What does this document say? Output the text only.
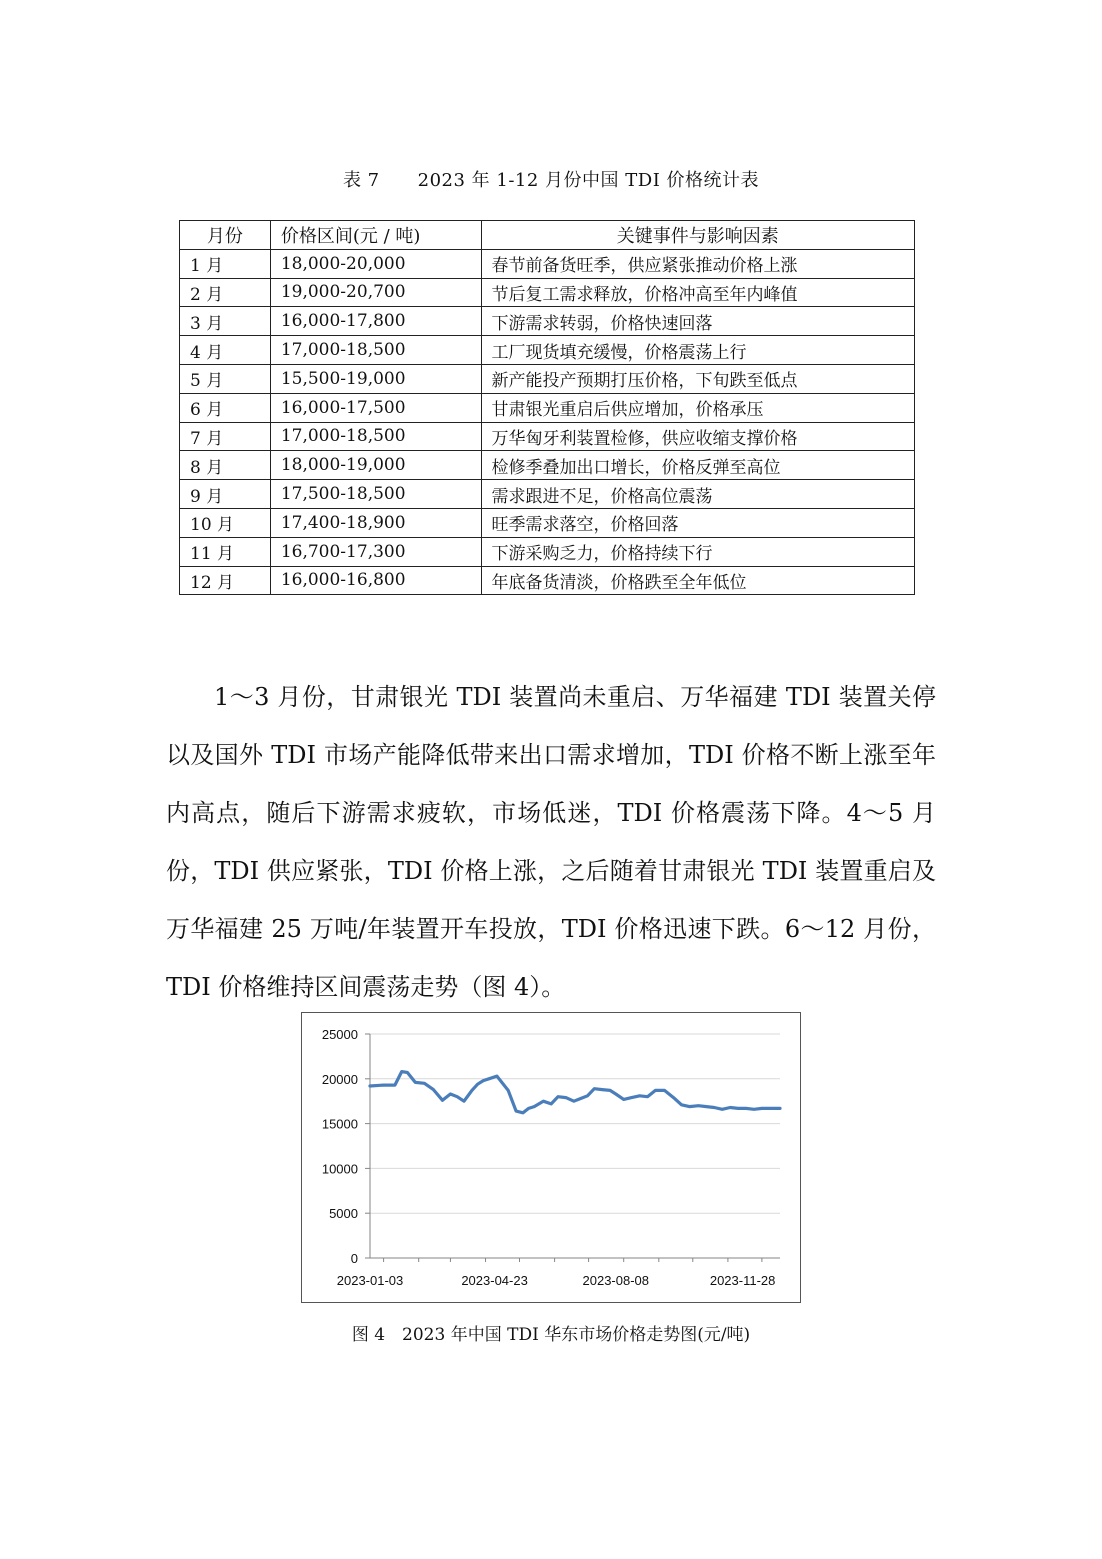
表 7 2023 年 1-12 月份中国 TDI 价格统计表
月份	价格区间(元 / 吨)	关键事件与影响因素
1 月	18,000-20,000	春节前备货旺季，供应紧张推动价格上涨
2 月	19,000-20,700	节后复工需求释放，价格冲高至年内峰值
3 月	16,000-17,800	下游需求转弱，价格快速回落
4 月	17,000-18,500	工厂现货填充缓慢，价格震荡上行
5 月	15,500-19,000	新产能投产预期打压价格，下旬跌至低点
6 月	16,000-17,500	甘肃银光重启后供应增加，价格承压
7 月	17,000-18,500	万华匈牙利装置检修，供应收缩支撑价格
8 月	18,000-19,000	检修季叠加出口增长，价格反弹至高位
9 月	17,500-18,500	需求跟进不足，价格高位震荡
10 月	17,400-18,900	旺季需求落空，价格回落
11 月	16,700-17,300	下游采购乏力，价格持续下行
12 月	16,000-16,800	年底备货清淡，价格跌至全年低位
1～3 月份，甘肃银光 TDI 装置尚未重启、万华福建 TDI 装置关停以及国外 TDI 市场产能降低带来出口需求增加，TDI 价格不断上涨至年内高点，随后下游需求疲软，市场低迷，TDI 价格震荡下降。4～5 月份，TDI 供应紧张，TDI 价格上涨，之后随着甘肃银光 TDI 装置重启及万华福建 25 万吨/年装置开车投放，TDI 价格迅速下跌。6～12 月份，TDI 价格维持区间震荡走势（图 4）。
0
5000
10000
15000
20000
25000
2023-01-03	2023-04-23	2023-08-08	2023-11-28
图 4　2023 年中国 TDI 华东市场价格走势图(元/吨)
